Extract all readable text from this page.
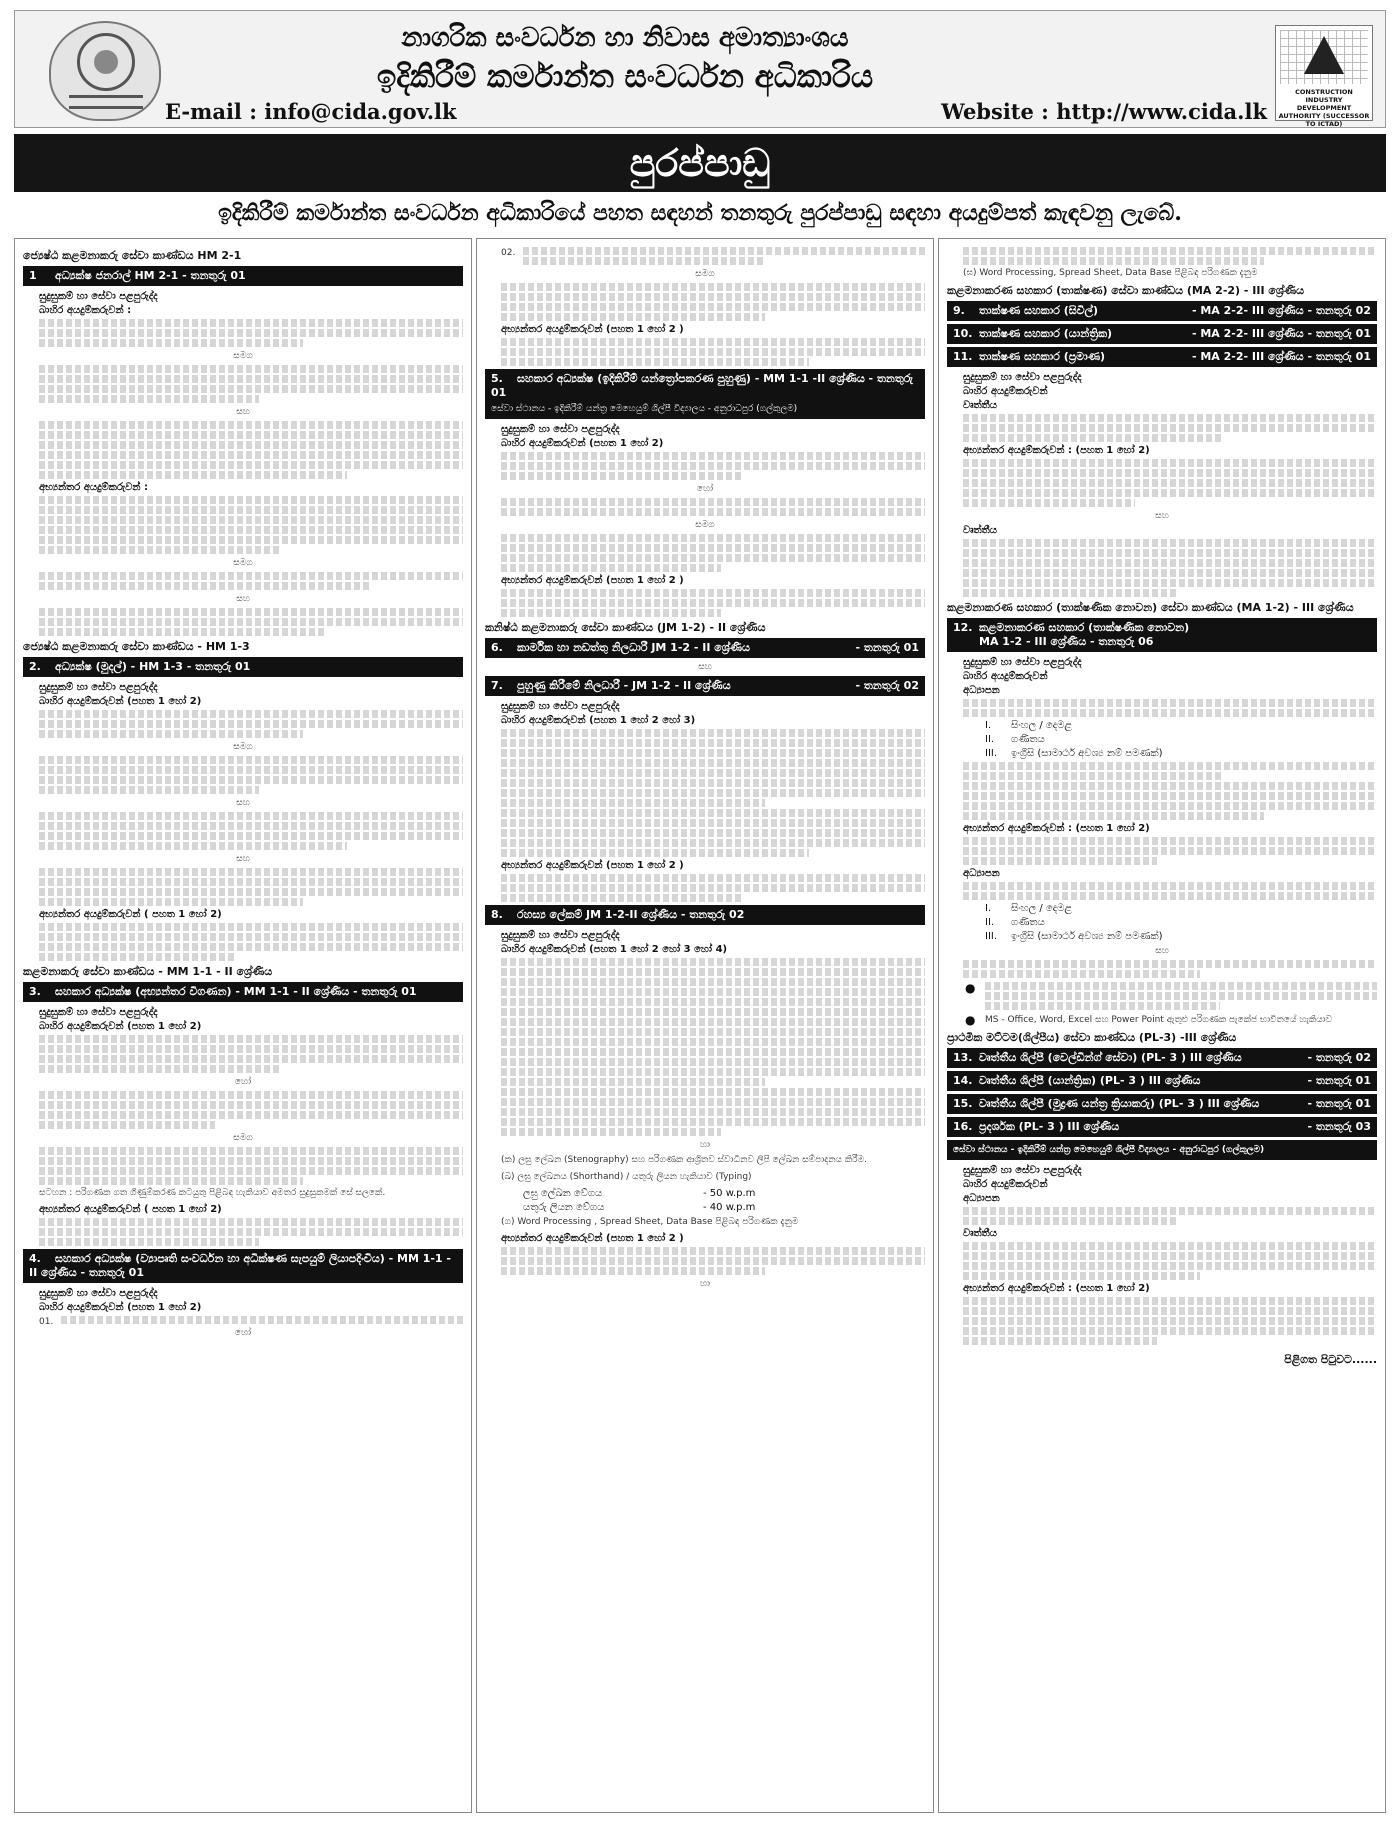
නාගරික සංවර්ධන හා නිවාස අමාත්‍යාංශය
ඉදිකිරීම් කර්මාන්ත සංවර්ධන අධිකාරිය
E-mail : info@cida.gov.lk	Website : http://www.cida.lk
CONSTRUCTION INDUSTRY DEVELOPMENT AUTHORITY (SUCCESSOR TO ICTAD)
පුරප්පාඩු
ඉදිකිරීම් කර්මාන්ත සංවර්ධන අධිකාරියේ පහත සඳහන් තනතුරු පුරප්පාඩු සඳහා අයදුම්පත් කැඳවනු ලැබේ.
ජ්‍යෙෂ්ඨ කළමනාකරු සේවා කාණ්ඩය HM 2-1
1 අධ්‍යක්ෂ ජනරාල් HM 2-1 - තනතුරු 01
සුදුසුකම් හා සේවා පළපුරුද්ද
බාහිර අයදුම්කරුවන් :
සමග
සහ
අභ්‍යන්තර අයදුම්කරුවන් :
සමග
සහ
ජ්‍යෙෂ්ඨ කළමනාකරු සේවා කාණ්ඩය - HM 1-3
2. අධ්‍යක්ෂ (මුදල්) - HM 1-3 - තනතුරු 01
සුදුසුකම් හා සේවා පළපුරුද්ද
බාහිර අයදුම්කරුවන් (පහත 1 හෝ 2)
සමග
සහ
සහ
අභ්‍යන්තර අයදුම්කරුවන් ( පහත 1 හෝ 2)
කළමනාකරු සේවා කාණ්ඩය - MM 1-1 - II ශ්‍රේණිය
3. සහකාර අධ්‍යක්ෂ (අභ්‍යන්තර විගණන) - MM 1-1 - II ශ්‍රේණිය - තනතුරු 01
සුදුසුකම් හා සේවා පළපුරුද්ද
බාහිර අයදුම්කරුවන් (පහත 1 හෝ 2)
හෝ
සමග
සටහන : පරිගණක ගත ගිණුම්කරණ කටයුතු පිළිබඳ හැකියාව අමතර සුදුසුකමක් සේ සලකේ.
අභ්‍යන්තර අයදුම්කරුවන් ( පහත 1 හෝ 2)
4. සහකාර අධ්‍යක්ෂ (ව්‍යාපෘති සංවර්ධන හා අධීක්ෂණ සැපයුම් ලියාපදිංචිය) - MM 1-1 - II ශ්‍රේණිය - තනතුරු 01
සුදුසුකම් හා සේවා පළපුරුද්ද
බාහිර අයදුම්කරුවන් (පහත 1 හෝ 2)
01.
හෝ
02.
සමග
අභ්‍යන්තර අයදුම්කරුවන් (පහත 1 හෝ 2 )
5. සහකාර අධ්‍යක්ෂ (ඉදිකිරීම් යන්ත්‍රෝපකරණ පුහුණු) - MM 1-1 -II ශ්‍රේණිය - තනතුරු 01
සේවා ස්ථානය - ඉදිකිරීම් යන්ත්‍ර මෙහෙයුම් ශිල්පී විද්‍යාලය - අනුරාධපුර (ගල්කුලම)
සුදුසුකම් හා සේවා පළපුරුද්ද
බාහිර අයදුම්කරුවන් (පහත 1 හෝ 2)
හෝ
සමග
අභ්‍යන්තර අයදුම්කරුවන් (පහත 1 හෝ 2 )
කනිෂ්ඨ කළමනාකරු සේවා කාණ්ඩය (JM 1-2) - II ශ්‍රේණිය
6. කාර්මික හා නඩත්තු නිලධාරී JM 1-2 - II ශ්‍රේණිය	- තනතුරු 01
සහ
7. පුහුණු කිරීමේ නිලධාරී - JM 1-2 - II ශ්‍රේණිය	- තනතුරු 02
සුදුසුකම් හා සේවා පළපුරුද්ද
බාහිර අයදුම්කරුවන් (පහත 1 හෝ 2 හෝ 3)
අභ්‍යන්තර අයදුම්කරුවන් (පහත 1 හෝ 2 )
8. රහස්‍ය ලේකම් JM 1-2-II ශ්‍රේණිය - තනතුරු 02
සුදුසුකම් හා සේවා පළපුරුද්ද
බාහිර අයදුම්කරුවන් (පහත 1 හෝ 2 හෝ 3 හෝ 4)
හා
(ක) ලඝු ලේඛන (Stenography) සහ පරිගණක ආශ්‍රිතව ස්වාධීනව ලිපි ලේඛන සම්පාදනය කිරීම.
(ඛ) ලඝු ලේඛනය (Shorthand) / යතුරු ලියන හැකියාව (Typing)
ලඝු ලේඛන වේගය	- 50 w.p.m
යතුරු ලියන වේගය	- 40 w.p.m
(ග) Word Processing , Spread Sheet, Data Base පිළිබඳ පරිගණක දැනුම
අභ්‍යන්තර අයදුම්කරුවන් (පහත 1 හෝ 2 )
හා
(ඝ) Word Processing, Spread Sheet, Data Base පිළිබඳ පරිගණක දැනුම
කළමනාකරණ සහකාර (තාක්ෂණ) සේවා කාණ්ඩය (MA 2-2) - III ශ්‍රේණිය
9. තාක්ෂණ සහකාර (සිවිල්)	- MA 2-2- III ශ්‍රේණිය - තනතුරු 02
10. තාක්ෂණ සහකාර (යාන්ත්‍රික)	- MA 2-2- III ශ්‍රේණිය - තනතුරු 01
11. තාක්ෂණ සහකාර (ප්‍රමාණ)	- MA 2-2- III ශ්‍රේණිය - තනතුරු 01
සුදුසුකම් හා සේවා පළපුරුද්ද
බාහිර අයදුම්කරුවන්
වෘත්තීය
අභ්‍යන්තර අයදුම්කරුවන් : (පහත 1 හෝ 2)
සහ
වෘත්තීය
කළමනාකරණ සහකාර (තාක්ෂණික නොවන) සේවා කාණ්ඩය (MA 1-2) - III ශ්‍රේණිය
12. කළමනාකරණ සහකාර (තාක්ෂණික නොවන)
MA 1-2 - III ශ්‍රේණිය - තනතුරු 06
සුදුසුකම් හා සේවා පළපුරුද්ද
බාහිර අයදුම්කරුවන්
අධ්‍යාපන
I. සිංහල / දෙමළ
II. ගණිතය
III. ඉංග්‍රීසි (සාමාර්ථ අවශ්‍ය නම් පමණක්)
අභ්‍යන්තර අයදුම්කරුවන් : (පහත 1 හෝ 2)
අධ්‍යාපන
I. සිංහල / දෙමළ
II. ගණිතය
III. ඉංග්‍රීසි (සාමාර්ථ අවශ්‍ය නම් පමණක්)
සහ
●
● MS - Office, Word, Excel සහ Power Point ඇතුළු පරිගණක පැකේජ භාවිතයේ හැකියාව
ප්‍රාථමික මට්ටම(ශිල්පීය) සේවා කාණ්ඩය (PL-3) -III ශ්‍රේණිය
13. වෘත්තීය ශිල්පී (වෙල්ඩින්ග් සේවා) (PL- 3 ) III ශ්‍රේණිය	- තනතුරු 02
14. වෘත්තීය ශිල්පී (යාන්ත්‍රික) (PL- 3 ) III ශ්‍රේණිය	- තනතුරු 01
15. වෘත්තීය ශිල්පී (මුද්‍රණ යන්ත්‍ර ක්‍රියාකරු) (PL- 3 ) III ශ්‍රේණිය	- තනතුරු 01
16. ප්‍රදර්ශක (PL- 3 ) III ශ්‍රේණිය	- තනතුරු 03
සේවා ස්ථානය - ඉදිකිරීම් යන්ත්‍ර මෙහෙයුම් ශිල්පී විද්‍යාලය - අනුරාධපුර (ගල්කුලම)
සුදුසුකම් හා සේවා පළපුරුද්ද
බාහිර අයදුම්කරුවන්
අධ්‍යාපන
වෘත්තීය
අභ්‍යන්තර අයදුම්කරුවන් : (පහත 1 හෝ 2)
පිළිගත පිටුවට......
